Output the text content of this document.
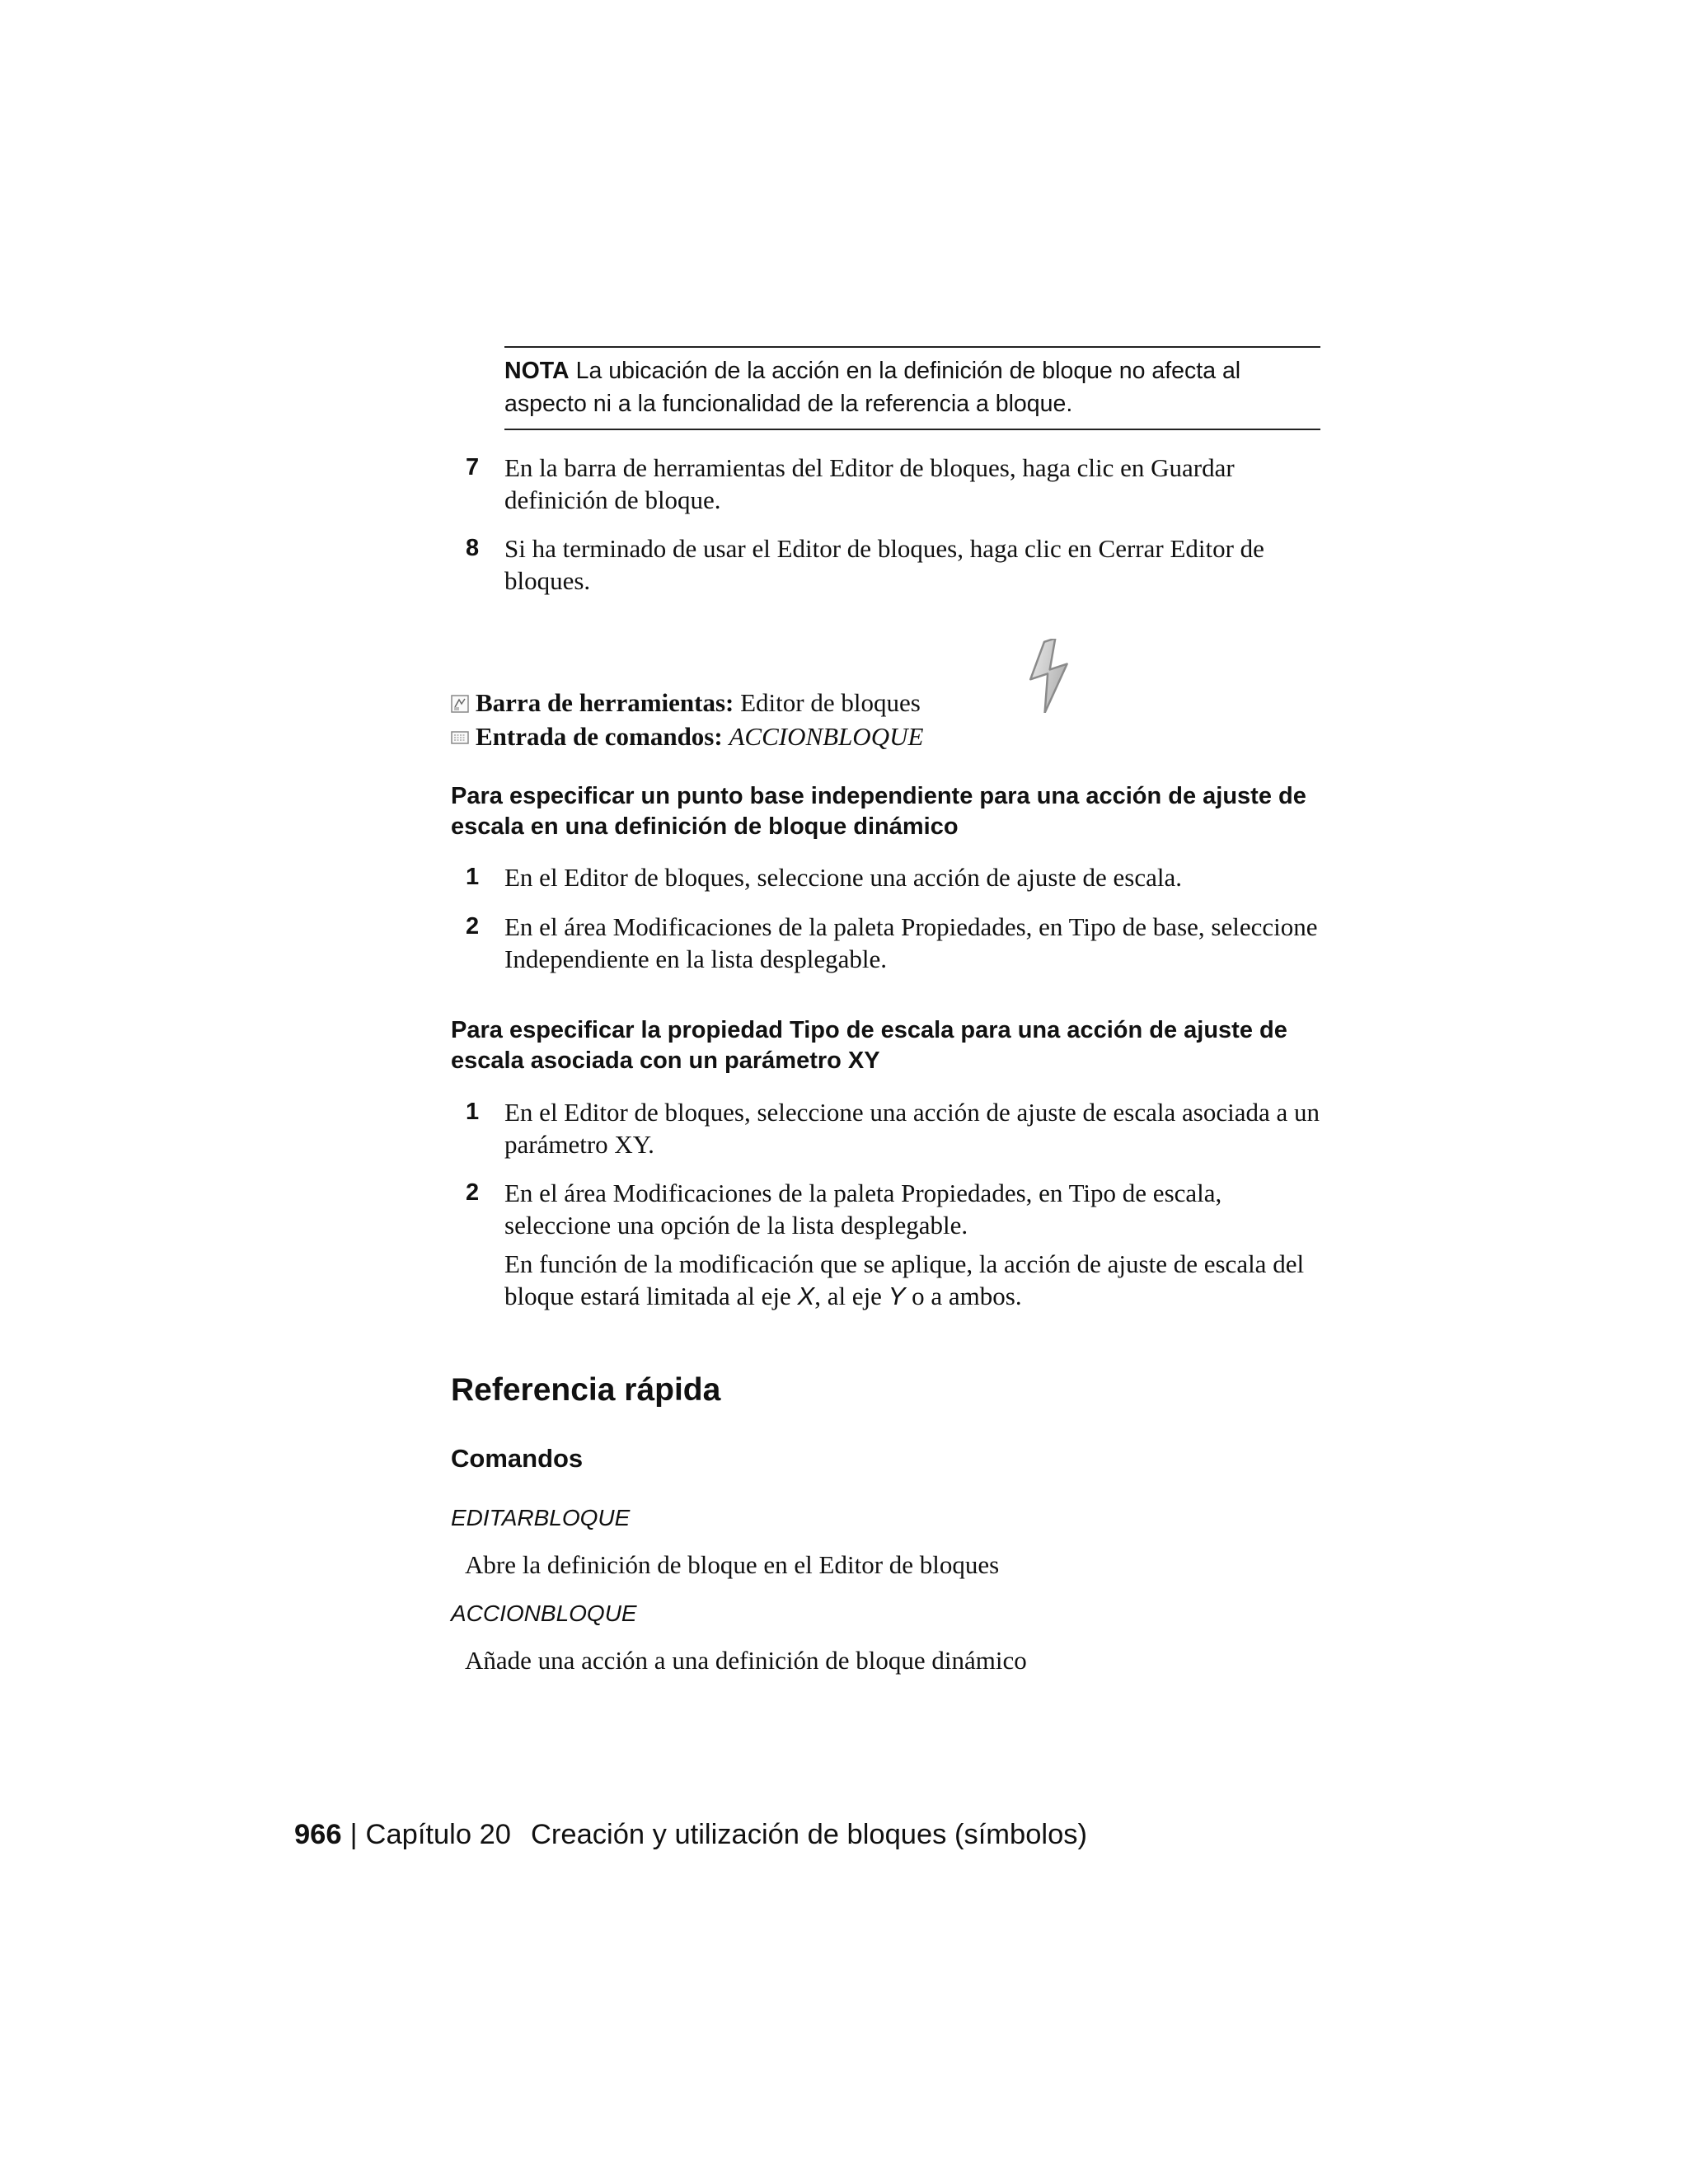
NOTA La ubicación de la acción en la definición de bloque no afecta al aspecto ni a la funcionalidad de la referencia a bloque.
7 En la barra de herramientas del Editor de bloques, haga clic en Guardar definición de bloque.
8 Si ha terminado de usar el Editor de bloques, haga clic en Cerrar Editor de bloques.
Barra de herramientas: Editor de bloques
Entrada de comandos: ACCIONBLOQUE
Para especificar un punto base independiente para una acción de ajuste de escala en una definición de bloque dinámico
1 En el Editor de bloques, seleccione una acción de ajuste de escala.
2 En el área Modificaciones de la paleta Propiedades, en Tipo de base, seleccione Independiente en la lista desplegable.
Para especificar la propiedad Tipo de escala para una acción de ajuste de escala asociada con un parámetro XY
1 En el Editor de bloques, seleccione una acción de ajuste de escala asociada a un parámetro XY.
2 En el área Modificaciones de la paleta Propiedades, en Tipo de escala, seleccione una opción de la lista desplegable.
En función de la modificación que se aplique, la acción de ajuste de escala del bloque estará limitada al eje X, al eje Y o a ambos.
Referencia rápida
Comandos
EDITARBLOQUE
Abre la definición de bloque en el Editor de bloques
ACCIONBLOQUE
Añade una acción a una definición de bloque dinámico
966 | Capítulo 20 Creación y utilización de bloques (símbolos)
